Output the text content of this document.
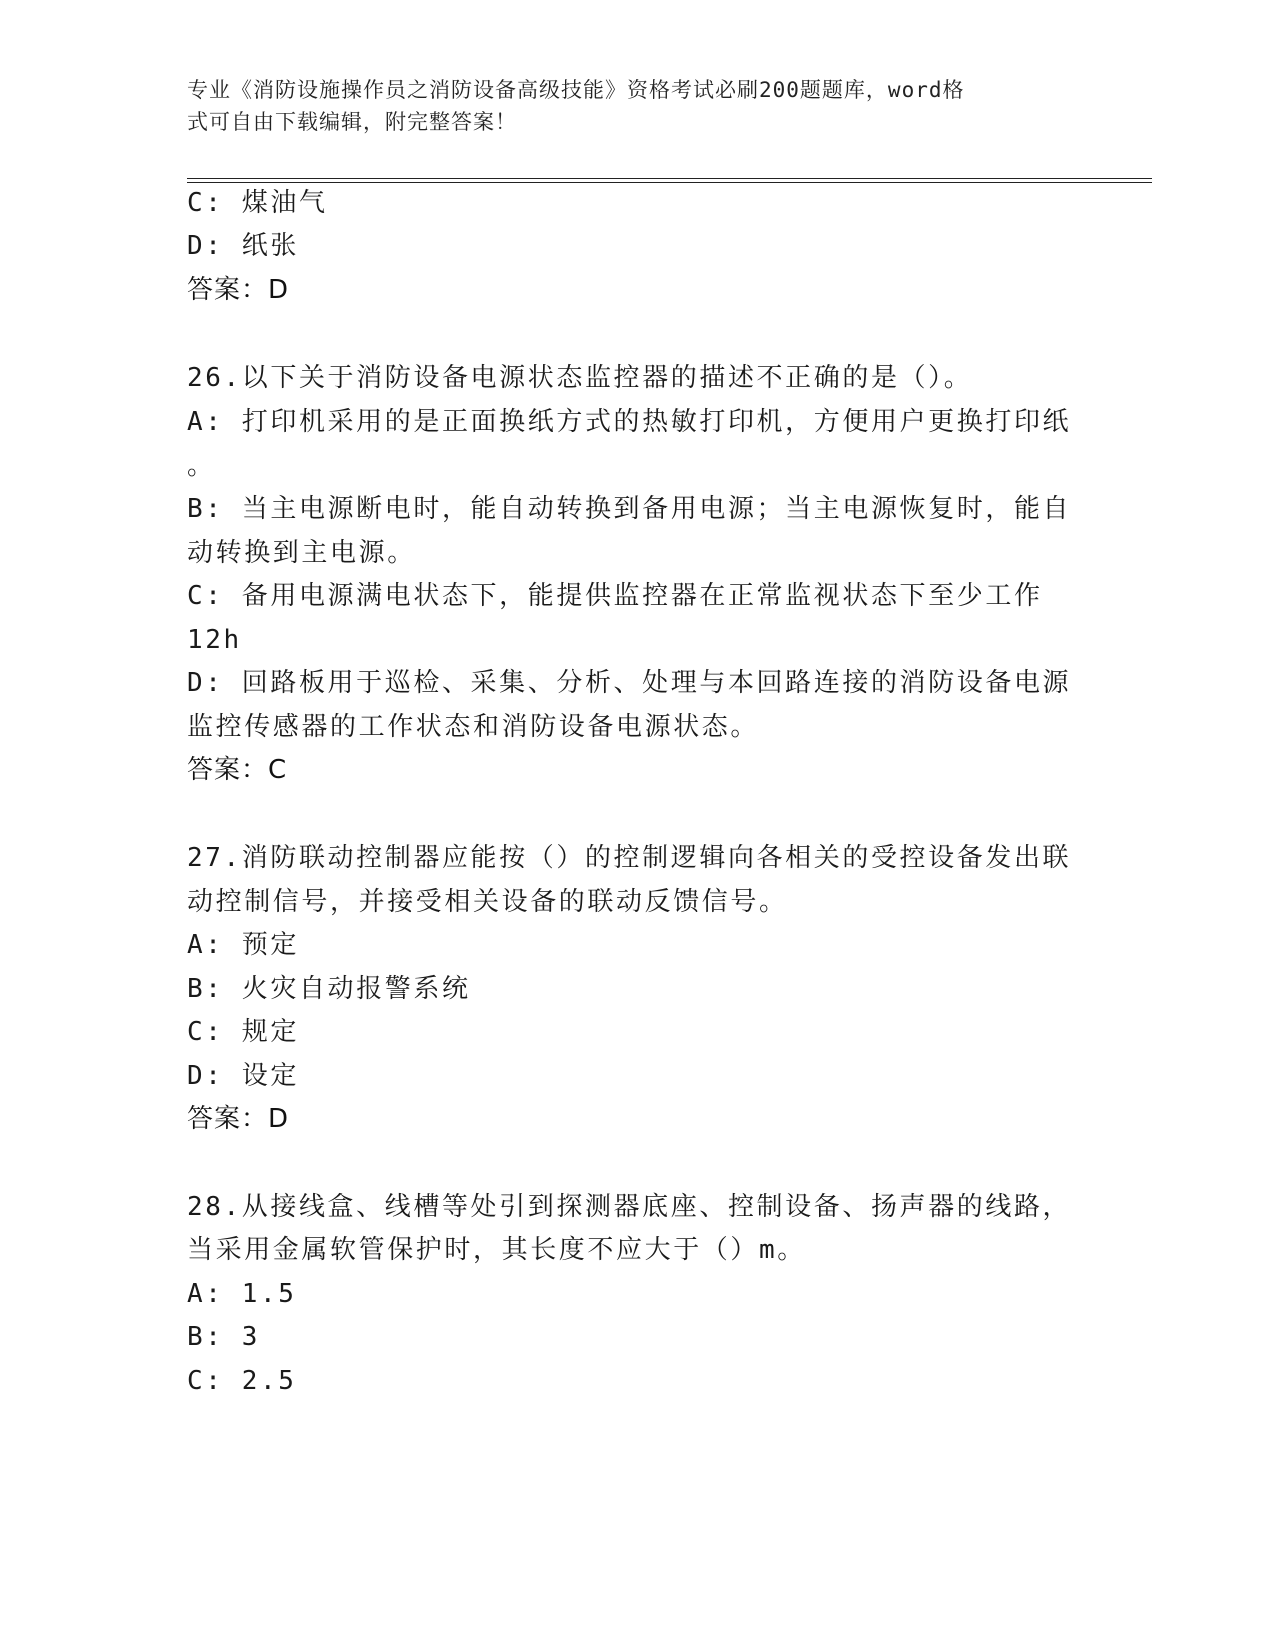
专业《消防设施操作员之消防设备高级技能》资格考试必刷200题题库，word格
式可自由下载编辑，附完整答案！
C: 煤油气
D: 纸张
答案：D
26.以下关于消防设备电源状态监控器的描述不正确的是（）。
A: 打印机采用的是正面换纸方式的热敏打印机，方便用户更换打印纸
。
B: 当主电源断电时，能自动转换到备用电源；当主电源恢复时，能自
动转换到主电源。
C: 备用电源满电状态下，能提供监控器在正常监视状态下至少工作
12h
D: 回路板用于巡检、采集、分析、处理与本回路连接的消防设备电源
监控传感器的工作状态和消防设备电源状态。
答案：C
27.消防联动控制器应能按（）的控制逻辑向各相关的受控设备发出联
动控制信号，并接受相关设备的联动反馈信号。
A: 预定
B: 火灾自动报警系统
C: 规定
D: 设定
答案：D
28.从接线盒、线槽等处引到探测器底座、控制设备、扬声器的线路，
当采用金属软管保护时，其长度不应大于（）m。
A: 1.5
B: 3
C: 2.5
